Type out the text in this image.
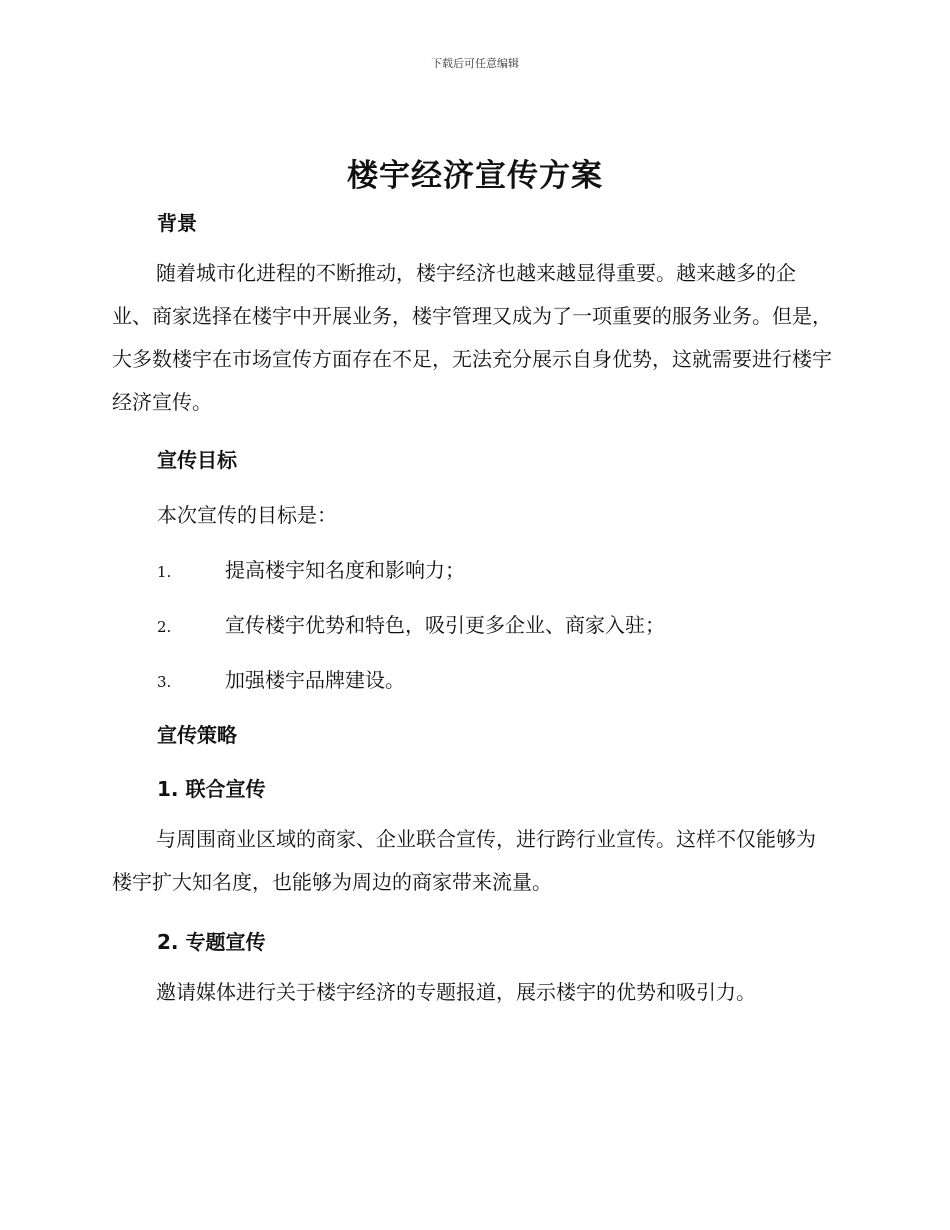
下载后可任意编辑
楼宇经济宣传方案
背景

随着城市化进程的不断推动，楼宇经济也越来越显得重要。越来越多的企业、商家选择在楼宇中开展业务，楼宇管理又成为了一项重要的服务业务。但是，大多数楼宇在市场宣传方面存在不足，无法充分展示自身优势，这就需要进行楼宇经济宣传。

宣传目标

本次宣传的目标是：

1.	提高楼宇知名度和影响力；

2.	宣传楼宇优势和特色，吸引更多企业、商家入驻；

3.	加强楼宇品牌建设。

宣传策略
1. 联合宣传

与周围商业区域的商家、企业联合宣传，进行跨行业宣传。这样不仅能够为楼宇扩大知名度，也能够为周边的商家带来流量。

2. 专题宣传

邀请媒体进行关于楼宇经济的专题报道，展示楼宇的优势和吸引力。
